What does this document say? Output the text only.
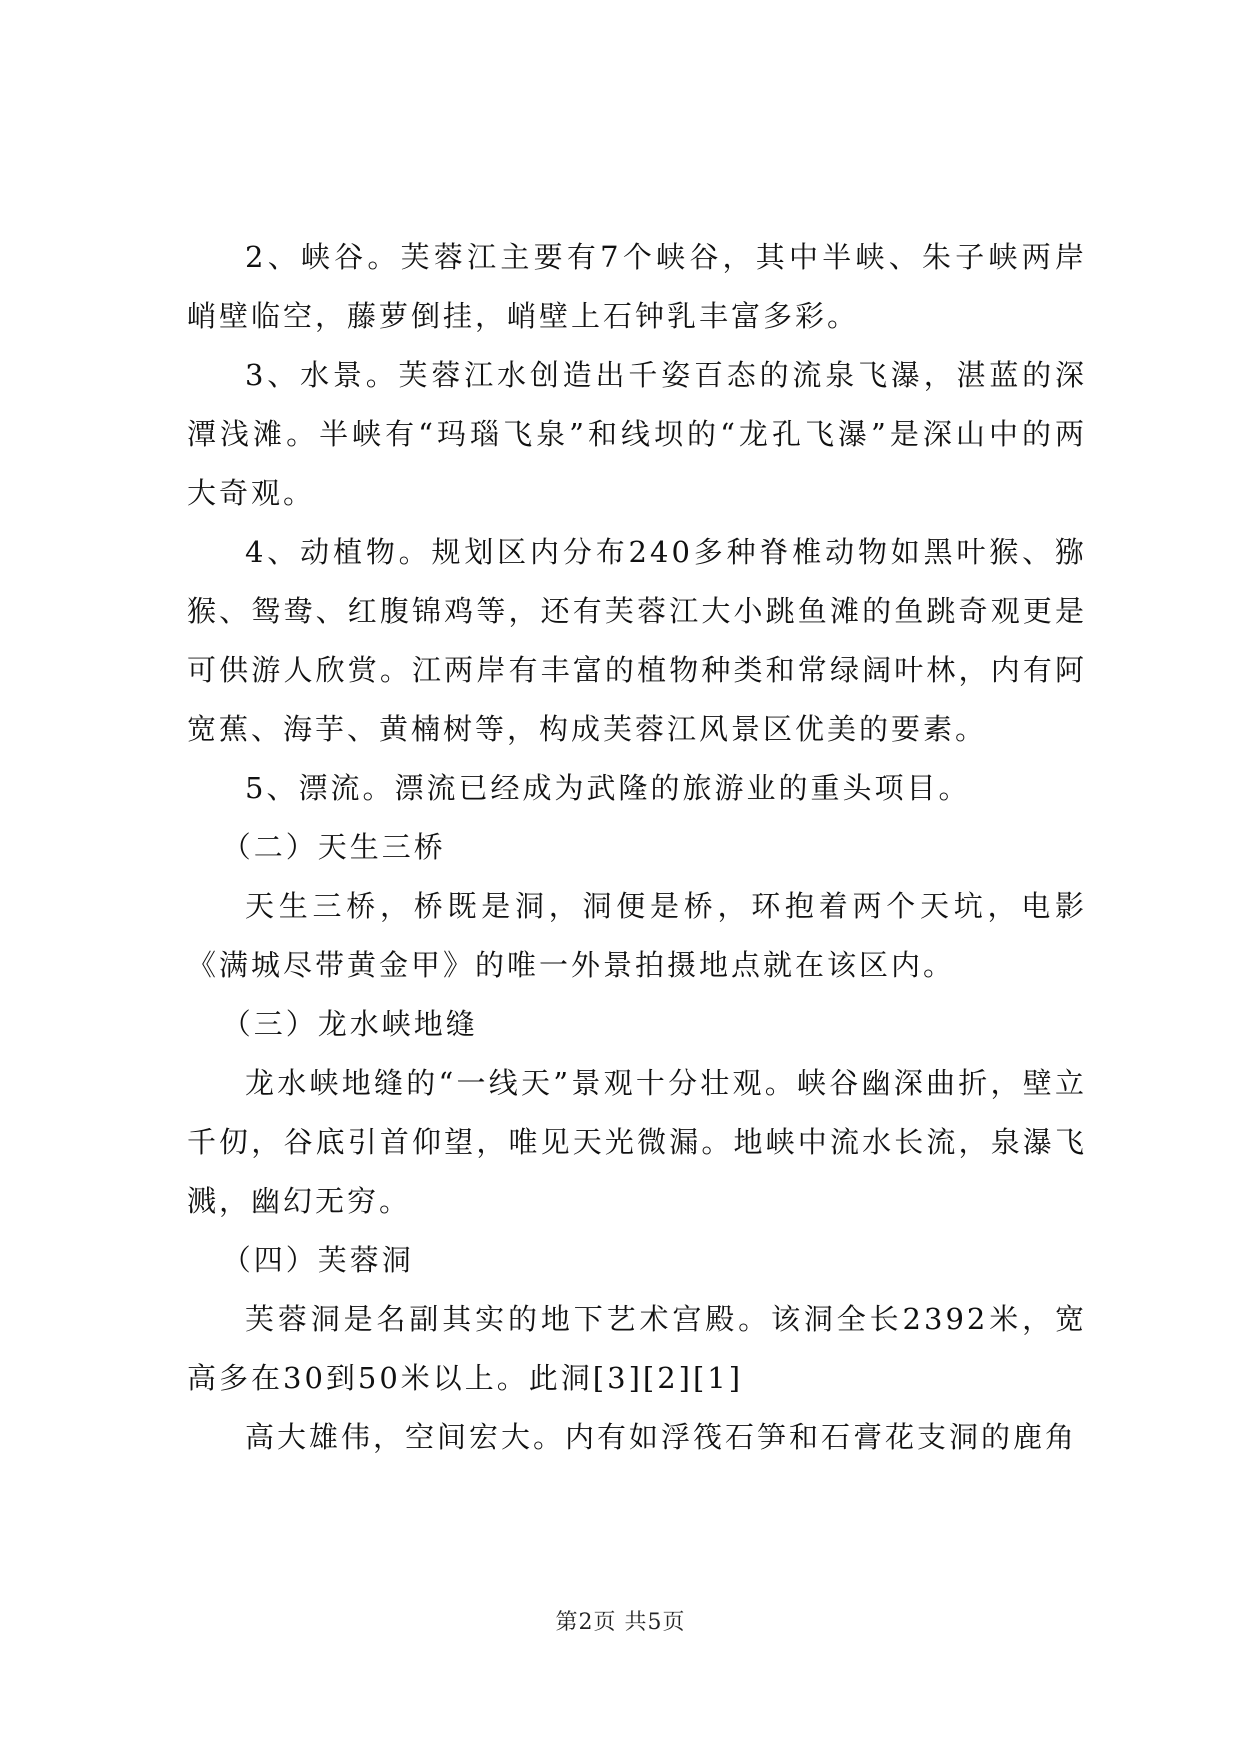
2、峡谷。芙蓉江主要有7个峡谷，其中半峡、朱子峡两岸峭壁临空，藤萝倒挂，峭壁上石钟乳丰富多彩。

3、水景。芙蓉江水创造出千姿百态的流泉飞瀑，湛蓝的深潭浅滩。半峡有“玛瑙飞泉”和线坝的“龙孔飞瀑”是深山中的两大奇观。

4、动植物。规划区内分布240多种脊椎动物如黑叶猴、猕猴、鸳鸯、红腹锦鸡等，还有芙蓉江大小跳鱼滩的鱼跳奇观更是可供游人欣赏。江两岸有丰富的植物种类和常绿阔叶林，内有阿宽蕉、海芋、黄楠树等，构成芙蓉江风景区优美的要素。

5、漂流。漂流已经成为武隆的旅游业的重头项目。

（二）天生三桥

天生三桥，桥既是洞，洞便是桥，环抱着两个天坑，电影《满城尽带黄金甲》的唯一外景拍摄地点就在该区内。

（三）龙水峡地缝

龙水峡地缝的“一线天”景观十分壮观。峡谷幽深曲折，壁立千仞，谷底引首仰望，唯见天光微漏。地峡中流水长流，泉瀑飞溅，幽幻无穷。

（四）芙蓉洞

芙蓉洞是名副其实的地下艺术宫殿。该洞全长2392米，宽高多在30到50米以上。此洞[3][2][1]

高大雄伟，空间宏大。内有如浮筏石笋和石膏花支洞的鹿角

第2页 共5页
